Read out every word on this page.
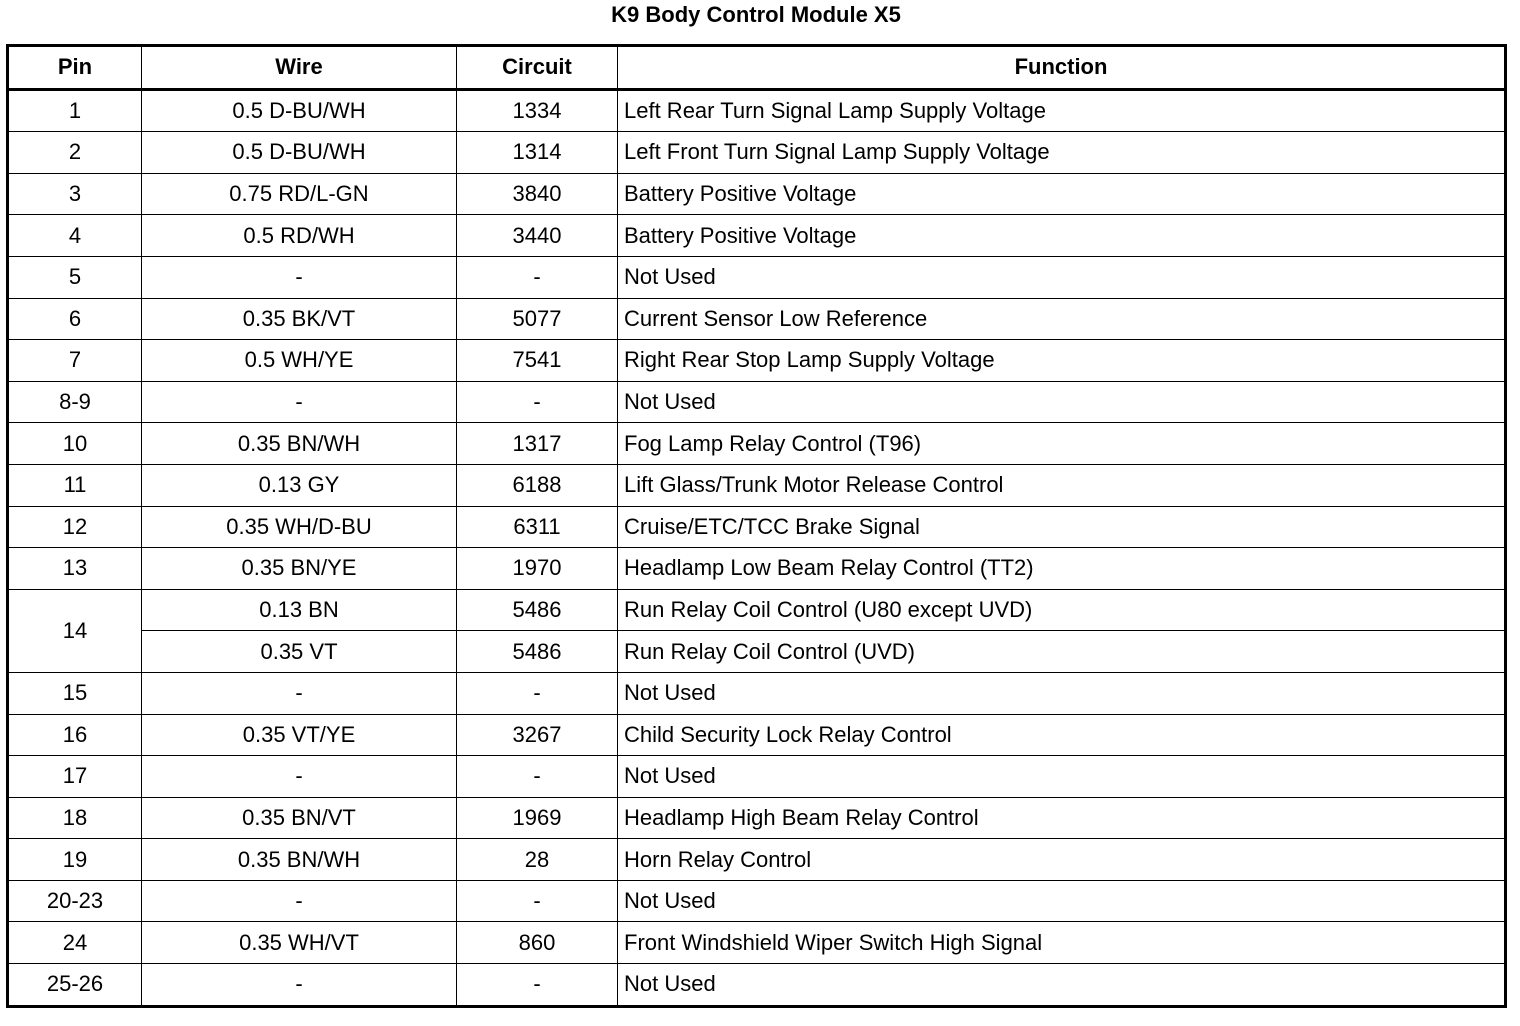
K9 Body Control Module X5
Pin	Wire	Circuit	Function
1	0.5 D-BU/WH	1334	Left Rear Turn Signal Lamp Supply Voltage
2	0.5 D-BU/WH	1314	Left Front Turn Signal Lamp Supply Voltage
3	0.75 RD/L-GN	3840	Battery Positive Voltage
4	0.5 RD/WH	3440	Battery Positive Voltage
5	-	-	Not Used
6	0.35 BK/VT	5077	Current Sensor Low Reference
7	0.5 WH/YE	7541	Right Rear Stop Lamp Supply Voltage
8-9	-	-	Not Used
10	0.35 BN/WH	1317	Fog Lamp Relay Control (T96)
11	0.13 GY	6188	Lift Glass/Trunk Motor Release Control
12	0.35 WH/D-BU	6311	Cruise/ETC/TCC Brake Signal
13	0.35 BN/YE	1970	Headlamp Low Beam Relay Control (TT2)
14	0.13 BN	5486	Run Relay Coil Control (U80 except UVD)
	0.35 VT	5486	Run Relay Coil Control (UVD)
15	-	-	Not Used
16	0.35 VT/YE	3267	Child Security Lock Relay Control
17	-	-	Not Used
18	0.35 BN/VT	1969	Headlamp High Beam Relay Control
19	0.35 BN/WH	28	Horn Relay Control
20-23	-	-	Not Used
24	0.35 WH/VT	860	Front Windshield Wiper Switch High Signal
25-26	-	-	Not Used
